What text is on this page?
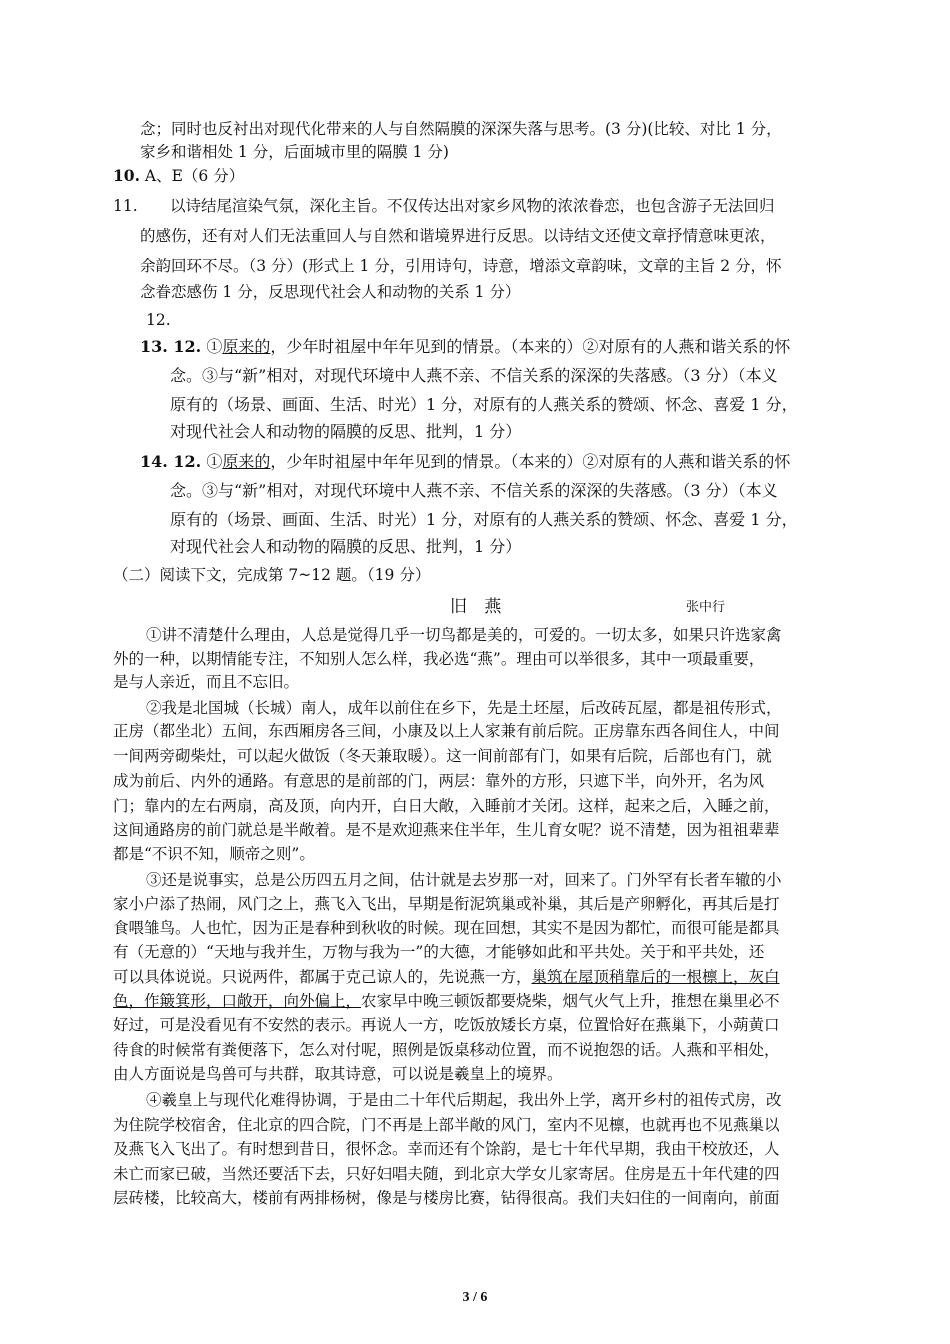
念；同时也反衬出对现代化带来的人与自然隔膜的深深失落与思考。(3 分)(比较、对比 1 分，
家乡和谐相处 1 分，后面城市里的隔膜 1 分)
10. A、E（6 分）
11. 以诗结尾渲染气氛，深化主旨。不仅传达出对家乡风物的浓浓眷恋，也包含游子无法回归
的感伤，还有对人们无法重回人与自然和谐境界进行反思。以诗结文还使文章抒情意味更浓，
余韵回环不尽。（3 分）(形式上 1 分，引用诗句，诗意，增添文章韵味，文章的主旨 2 分，怀
念眷恋感伤 1 分，反思现代社会人和动物的关系 1 分）
12.
13. 12. ①原来的，少年时祖屋中年年见到的情景。（本来的）②对原有的人燕和谐关系的怀
念。③与“新”相对，对现代环境中人燕不亲、不信关系的深深的失落感。（3 分）（本义
原有的（场景、画面、生活、时光）1 分，对原有的人燕关系的赞颂、怀念、喜爱 1 分，
对现代社会人和动物的隔膜的反思、批判，1 分）
14. 12. ①原来的，少年时祖屋中年年见到的情景。（本来的）②对原有的人燕和谐关系的怀
念。③与“新”相对，对现代环境中人燕不亲、不信关系的深深的失落感。（3 分）（本义
原有的（场景、画面、生活、时光）1 分，对原有的人燕关系的赞颂、怀念、喜爱 1 分，
对现代社会人和动物的隔膜的反思、批判，1 分）
（二）阅读下文，完成第 7~12 题。（19 分）
旧 燕	张中行
①讲不清楚什么理由，人总是觉得几乎一切鸟都是美的，可爱的。一切太多，如果只许选家禽
外的一种，以期情能专注，不知别人怎么样，我必选“燕”。理由可以举很多，其中一项最重要，
是与人亲近，而且不忘旧。
②我是北国城（长城）南人，成年以前住在乡下，先是土坯屋，后改砖瓦屋，都是祖传形式，
正房（都坐北）五间，东西厢房各三间，小康及以上人家兼有前后院。正房靠东西各间住人，中间
一间两旁砌柴灶，可以起火做饭（冬天兼取暖）。这一间前部有门，如果有后院，后部也有门，就
成为前后、内外的通路。有意思的是前部的门，两层：靠外的方形，只遮下半，向外开，名为风
门；靠内的左右两扇，高及顶，向内开，白日大敞，入睡前才关闭。这样，起来之后，入睡之前，
这间通路房的前门就总是半敞着。是不是欢迎燕来住半年，生儿育女呢？说不清楚，因为祖祖辈辈
都是“不识不知，顺帝之则”。
③还是说事实，总是公历四五月之间，估计就是去岁那一对，回来了。门外罕有长者车辙的小
家小户添了热闹，风门之上，燕飞入飞出，早期是衔泥筑巢或补巢，其后是产卵孵化，再其后是打
食喂雏鸟。人也忙，因为正是春种到秋收的时候。现在回想，其实不是因为都忙，而很可能是都具
有（无意的）“天地与我并生，万物与我为一”的大德，才能够如此和平共处。关于和平共处，还
可以具体说说。只说两件，都属于克己谅人的，先说燕一方，巢筑在屋顶稍靠后的一根檩上，灰白
色，作簸箕形，口敞开，向外偏上，农家早中晚三顿饭都要烧柴，烟气火气上升，推想在巢里必不
好过，可是没看见有不安然的表示。再说人一方，吃饭放矮长方桌，位置恰好在燕巢下，小蒴黄口
待食的时候常有粪便落下，怎么对付呢，照例是饭桌移动位置，而不说抱怨的话。人燕和平相处，
由人方面说是鸟兽可与共群，取其诗意，可以说是羲皇上的境界。
④羲皇上与现代化难得协调，于是由二十年代后期起，我出外上学，离开乡村的祖传式房，改
为住院学校宿舍，住北京的四合院，门不再是上部半敞的风门，室内不见檩，也就再也不见燕巢以
及燕飞入飞出了。有时想到昔日，很怀念。幸而还有个馀韵，是七十年代早期，我由干校放还，人
未亡而家已破，当然还要活下去，只好妇唱夫随，到北京大学女儿家寄居。住房是五十年代建的四
层砖楼，比较高大，楼前有两排杨树，像是与楼房比赛，钻得很高。我们夫妇住的一间南向，前面
3 / 6
